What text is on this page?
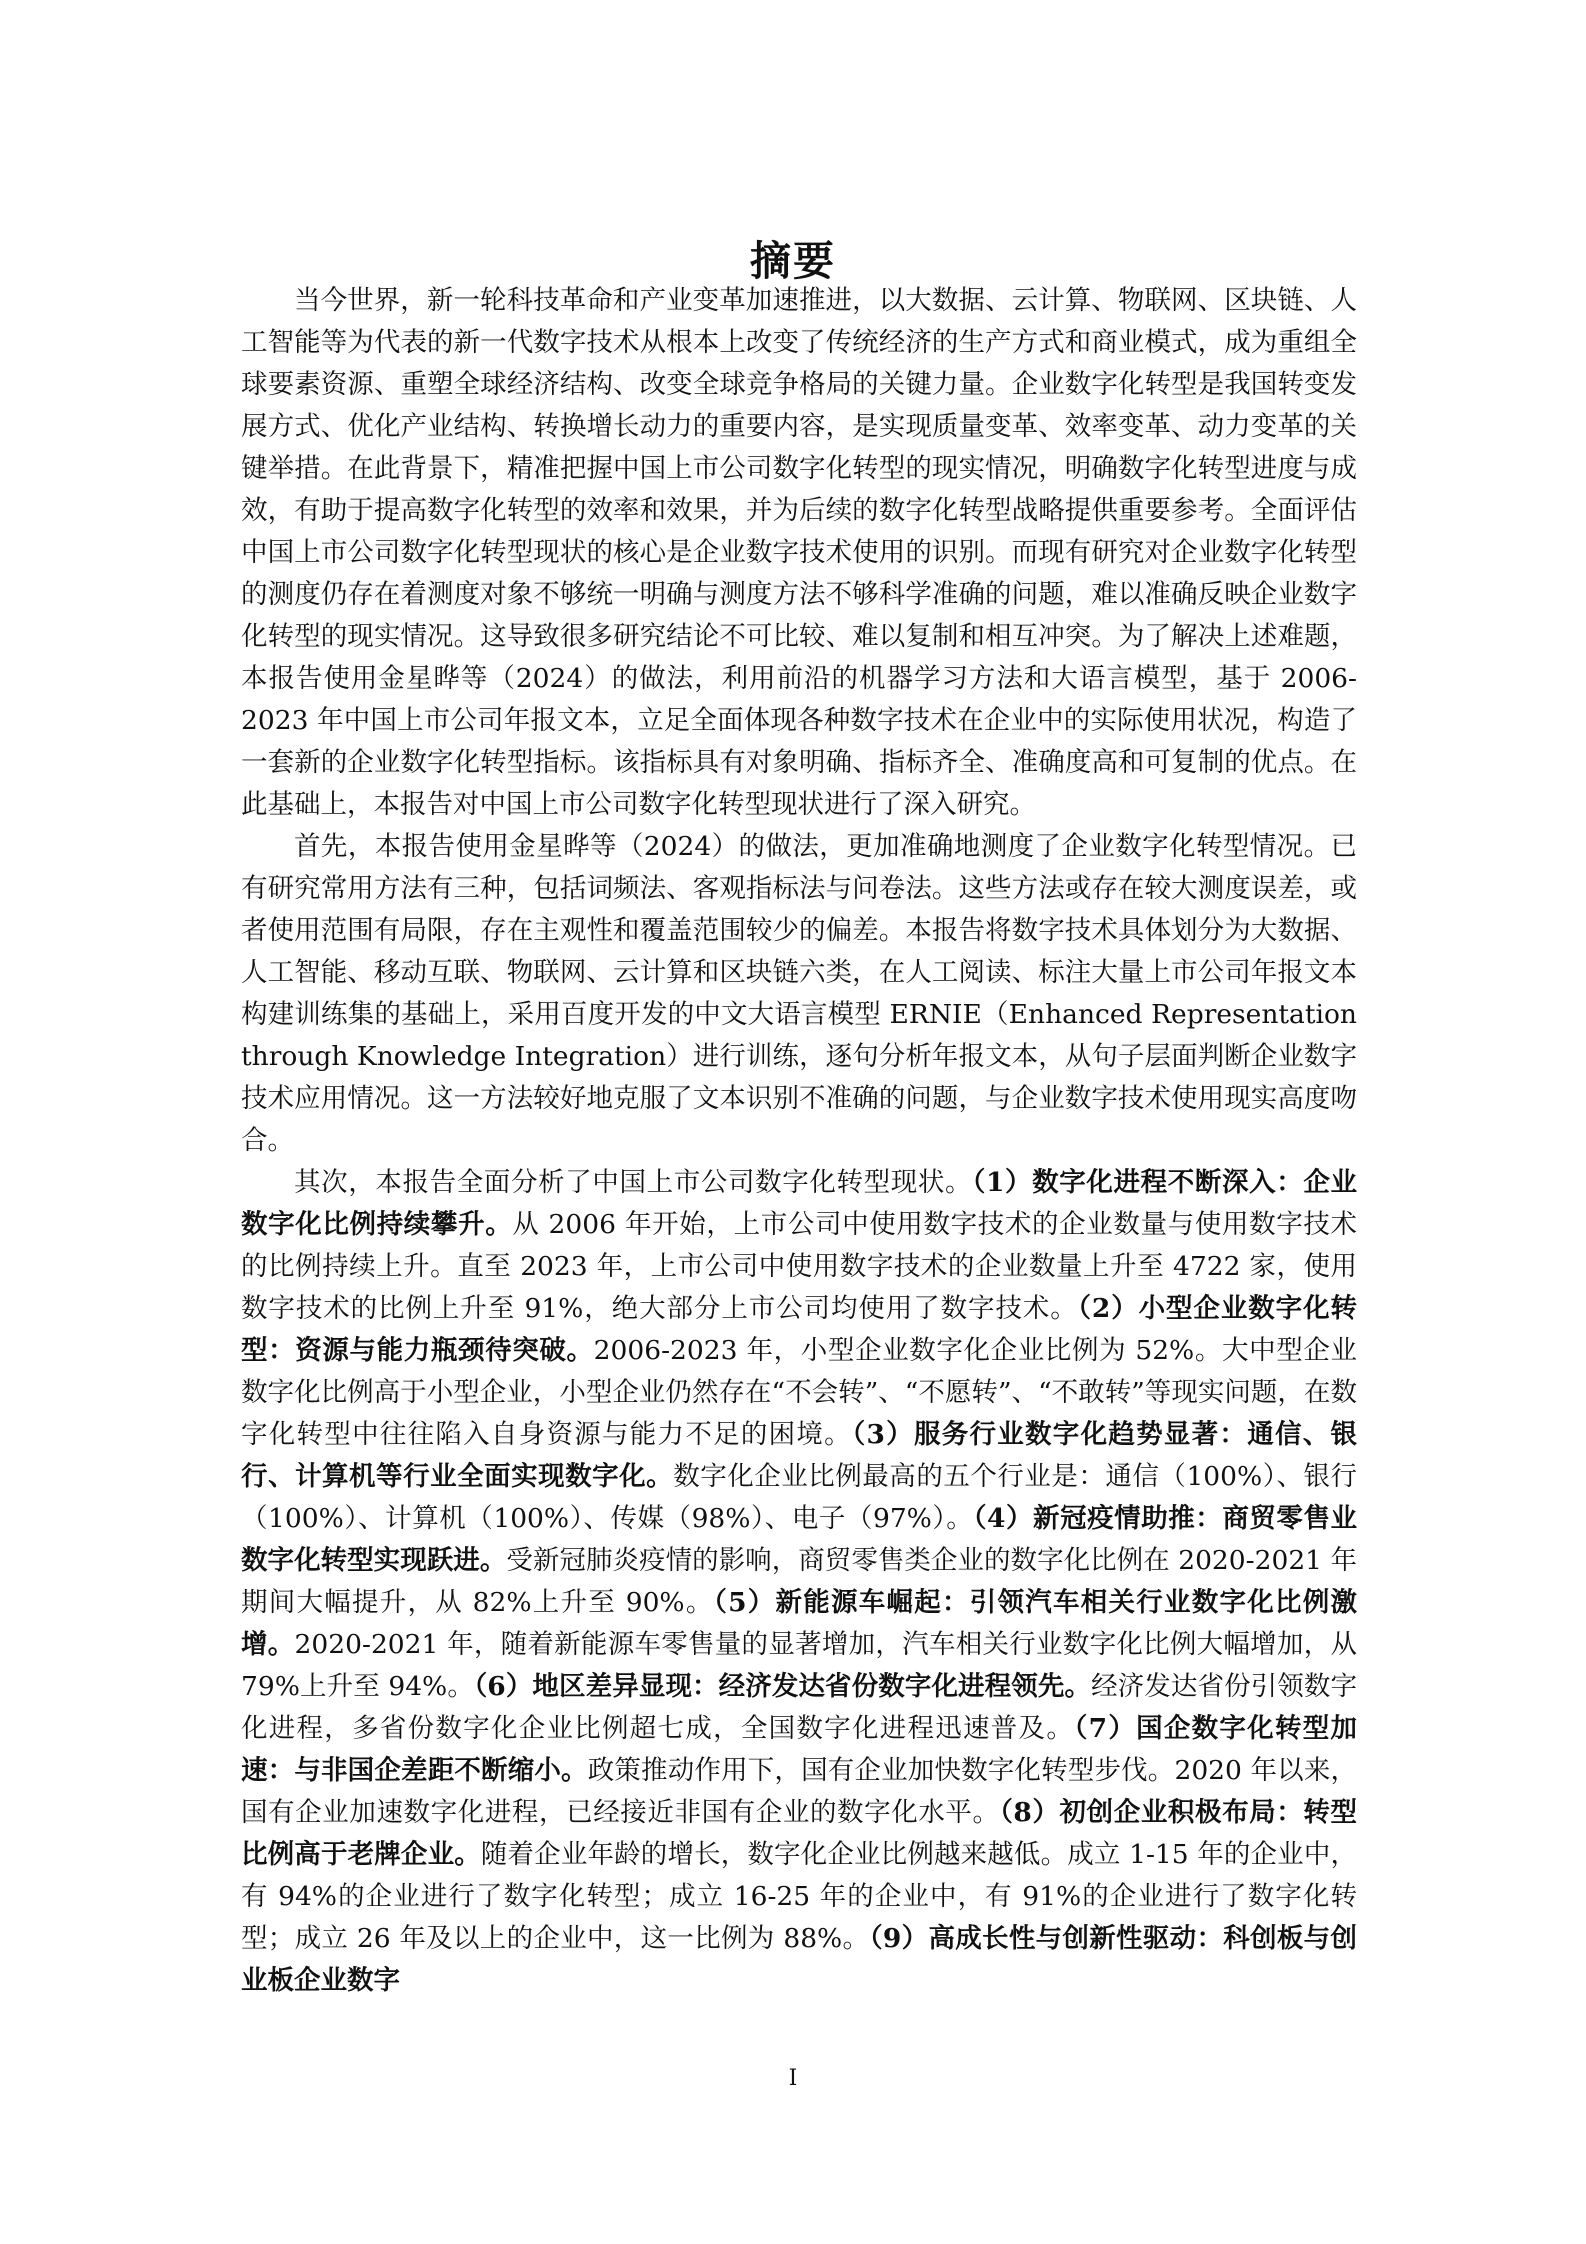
摘要

当今世界，新一轮科技革命和产业变革加速推进，以大数据、云计算、物联网、区块链、人工智能等为代表的新一代数字技术从根本上改变了传统经济的生产方式和商业模式，成为重组全球要素资源、重塑全球经济结构、改变全球竞争格局的关键力量。企业数字化转型是我国转变发展方式、优化产业结构、转换增长动力的重要内容，是实现质量变革、效率变革、动力变革的关键举措。在此背景下，精准把握中国上市公司数字化转型的现实情况，明确数字化转型进度与成效，有助于提高数字化转型的效率和效果，并为后续的数字化转型战略提供重要参考。全面评估中国上市公司数字化转型现状的核心是企业数字技术使用的识别。而现有研究对企业数字化转型的测度仍存在着测度对象不够统一明确与测度方法不够科学准确的问题，难以准确反映企业数字化转型的现实情况。这导致很多研究结论不可比较、难以复制和相互冲突。为了解决上述难题，本报告使用金星晔等（2024）的做法，利用前沿的机器学习方法和大语言模型，基于 2006-2023 年中国上市公司年报文本，立足全面体现各种数字技术在企业中的实际使用状况，构造了一套新的企业数字化转型指标。该指标具有对象明确、指标齐全、准确度高和可复制的优点。在此基础上，本报告对中国上市公司数字化转型现状进行了深入研究。

首先，本报告使用金星晔等（2024）的做法，更加准确地测度了企业数字化转型情况。已有研究常用方法有三种，包括词频法、客观指标法与问卷法。这些方法或存在较大测度误差，或者使用范围有局限，存在主观性和覆盖范围较少的偏差。本报告将数字技术具体划分为大数据、人工智能、移动互联、物联网、云计算和区块链六类，在人工阅读、标注大量上市公司年报文本构建训练集的基础上，采用百度开发的中文大语言模型 ERNIE（Enhanced Representation through Knowledge Integration）进行训练，逐句分析年报文本，从句子层面判断企业数字技术应用情况。这一方法较好地克服了文本识别不准确的问题，与企业数字技术使用现实高度吻合。

其次，本报告全面分析了中国上市公司数字化转型现状。（1）数字化进程不断深入：企业数字化比例持续攀升。从 2006 年开始，上市公司中使用数字技术的企业数量与使用数字技术的比例持续上升。直至 2023 年，上市公司中使用数字技术的企业数量上升至 4722 家，使用数字技术的比例上升至 91%，绝大部分上市公司均使用了数字技术。（2）小型企业数字化转型：资源与能力瓶颈待突破。2006-2023 年，小型企业数字化企业比例为 52%。大中型企业数字化比例高于小型企业，小型企业仍然存在“不会转”、“不愿转”、“不敢转”等现实问题，在数字化转型中往往陷入自身资源与能力不足的困境。（3）服务行业数字化趋势显著：通信、银行、计算机等行业全面实现数字化。数字化企业比例最高的五个行业是：通信（100%）、银行（100%）、计算机（100%）、传媒（98%）、电子（97%）。（4）新冠疫情助推：商贸零售业数字化转型实现跃进。受新冠肺炎疫情的影响，商贸零售类企业的数字化比例在 2020-2021 年期间大幅提升，从 82%上升至 90%。（5）新能源车崛起：引领汽车相关行业数字化比例激增。2020-2021 年，随着新能源车零售量的显著增加，汽车相关行业数字化比例大幅增加，从 79%上升至 94%。（6）地区差异显现：经济发达省份数字化进程领先。经济发达省份引领数字化进程，多省份数字化企业比例超七成，全国数字化进程迅速普及。（7）国企数字化转型加速：与非国企差距不断缩小。政策推动作用下，国有企业加快数字化转型步伐。2020 年以来，国有企业加速数字化进程，已经接近非国有企业的数字化水平。（8）初创企业积极布局：转型比例高于老牌企业。随着企业年龄的增长，数字化企业比例越来越低。成立 1-15 年的企业中，有 94%的企业进行了数字化转型；成立 16-25 年的企业中，有 91%的企业进行了数字化转型；成立 26 年及以上的企业中，这一比例为 88%。（9）高成长性与创新性驱动：科创板与创业板企业数字

I
